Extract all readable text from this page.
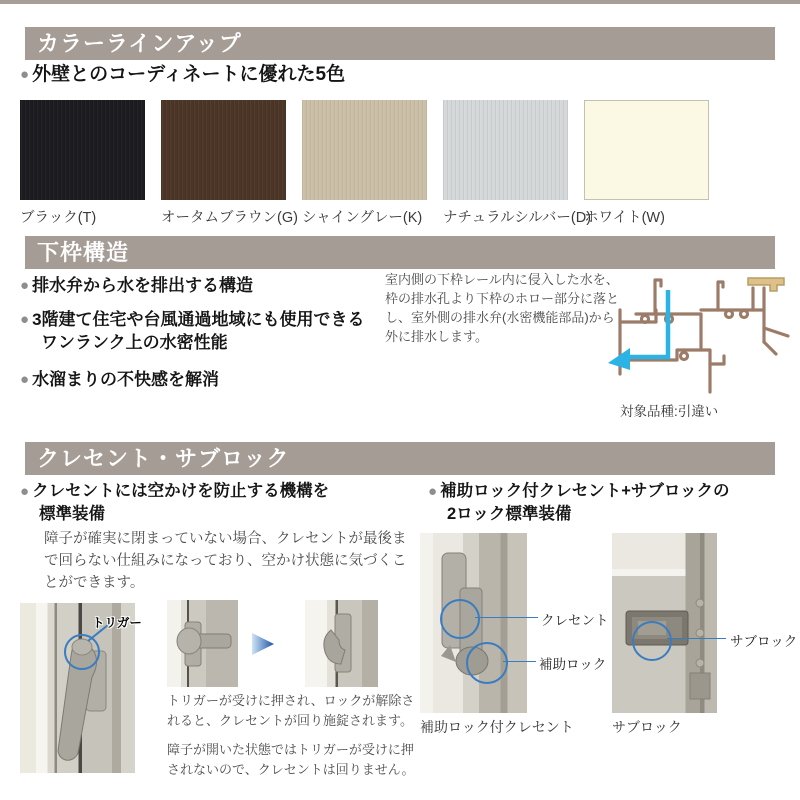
カラーラインアップ
● 外壁とのコーディネートに優れた5色
ブラック(T)	オータムブラウン(G) シャイングレー(K)	ナチュラルシルバー(D)
ホワイト(W)
下枠構造
● 排水弁から水を排出する構造
● 3階建て住宅や台風通過地域にも使用できる
ワンランク上の水密性能
● 水溜まりの不快感を解消
室内側の下枠レール内に侵入した水を、枠の排水孔より下枠のホロー部分に落とし、室外側の排水弁(水密機能部品)から外に排水します。
対象品種:引違い
クレセント・サブロック
● クレセントには空かけを防止する機構を
標準装備
● 補助ロック付クレセント+サブロックの
2ロック標準装備
障子が確実に閉まっていない場合、クレセントが最後まで回らない仕組みになっており、空かけ状態に気づくことができます。
トリガー
トリガーが受けに押され、ロックが解除されると、クレセントが回り施錠されます。
障子が開いた状態ではトリガーが受けに押されないので、クレセントは回りません。
クレセント
補助ロック
サブロック
補助ロック付クレセント	サブロック
